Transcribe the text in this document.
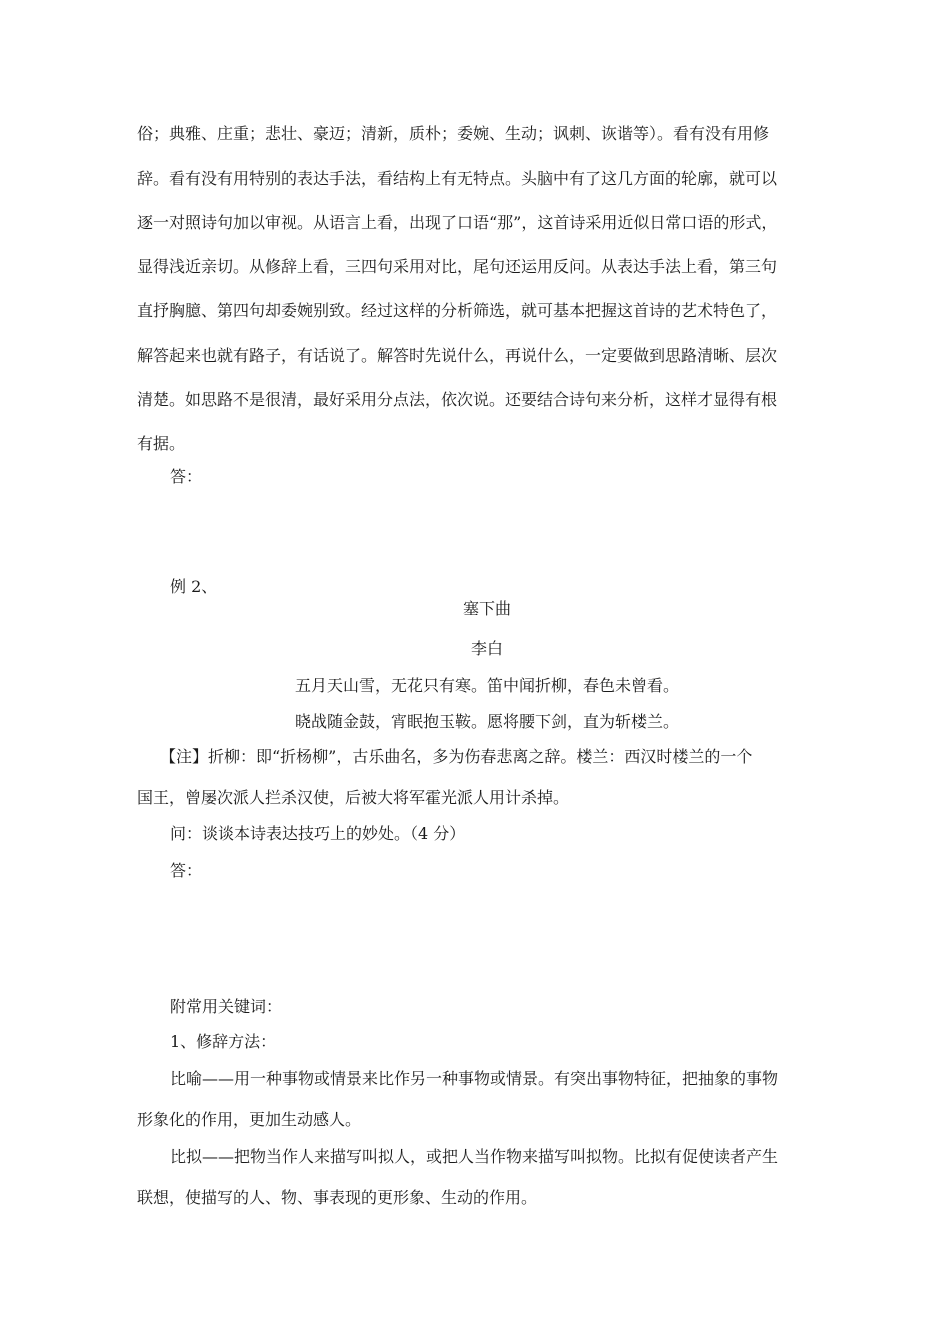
俗；典雅、庄重；悲壮、豪迈；清新，质朴；委婉、生动；讽刺、诙谐等）。看有没有用修
辞。看有没有用特别的表达手法，看结构上有无特点。头脑中有了这几方面的轮廓，就可以
逐一对照诗句加以审视。从语言上看，出现了口语“那”，这首诗采用近似日常口语的形式，
显得浅近亲切。从修辞上看，三四句采用对比，尾句还运用反问。从表达手法上看，第三句
直抒胸臆、第四句却委婉别致。经过这样的分析筛选，就可基本把握这首诗的艺术特色了，
解答起来也就有路子，有话说了。解答时先说什么，再说什么，一定要做到思路清晰、层次
清楚。如思路不是很清，最好采用分点法，依次说。还要结合诗句来分析，这样才显得有根
有据。
答：
例 2、
塞下曲
李白
五月天山雪，无花只有寒。笛中闻折柳，春色未曾看。
晓战随金鼓，宵眠抱玉鞍。愿将腰下剑，直为斩楼兰。
【注】折柳：即“折杨柳”，古乐曲名，多为伤春悲离之辞。楼兰：西汉时楼兰的一个
国王，曾屡次派人拦杀汉使，后被大将军霍光派人用计杀掉。
问：谈谈本诗表达技巧上的妙处。（4 分）
答：
附常用关键词：
1、修辞方法：
比喻——用一种事物或情景来比作另一种事物或情景。有突出事物特征，把抽象的事物
形象化的作用，更加生动感人。
比拟——把物当作人来描写叫拟人，或把人当作物来描写叫拟物。比拟有促使读者产生
联想，使描写的人、物、事表现的更形象、生动的作用。
